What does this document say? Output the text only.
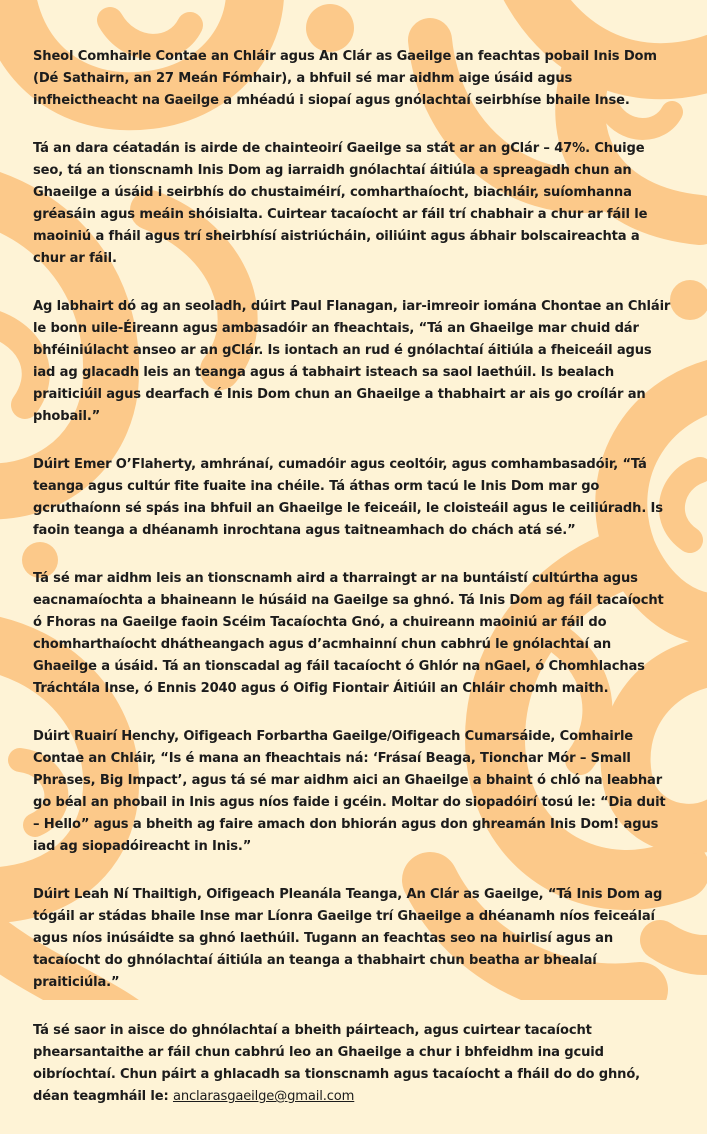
Sheol Comhairle Contae an Chláir agus An Clár as Gaeilge an feachtas pobail Inis Dom (Dé Sathairn, an 27 Meán Fómhair), a bhfuil sé mar aidhm aige úsáid agus infheictheacht na Gaeilge a mhéadú i siopaí agus gnólachtaí seirbhíse bhaile Inse.

Tá an dara céatadán is airde de chainteoirí Gaeilge sa stát ar an gClár – 47%. Chuige seo, tá an tionscnamh Inis Dom ag iarraidh gnólachtaí áitiúla a spreagadh chun an Ghaeilge a úsáid i seirbhís do chustaiméirí, comharthaíocht, biachláir, suíomhanna gréasáin agus meáin shóisialta. Cuirtear tacaíocht ar fáil trí chabhair a chur ar fáil le maoiniú a fháil agus trí sheirbhísí aistriúcháin, oiliúint agus ábhair bolscaireachta a chur ar fáil.

Ag labhairt dó ag an seoladh, dúirt Paul Flanagan, iar-imreoir iomána Chontae an Chláir le bonn uile-Éireann agus ambasadóir an fheachtais, “Tá an Ghaeilge mar chuid dár bhféiniúlacht anseo ar an gClár. Is iontach an rud é gnólachtaí áitiúla a fheiceáil agus iad ag glacadh leis an teanga agus á tabhairt isteach sa saol laethúil. Is bealach praiticiúil agus dearfach é Inis Dom chun an Ghaeilge a thabhairt ar ais go croílár an phobail.”

Dúirt Emer O’Flaherty, amhránaí, cumadóir agus ceoltóir, agus comhambasadóir, “Tá teanga agus cultúr fite fuaite ina chéile. Tá áthas orm tacú le Inis Dom mar go gcruthaíonn sé spás ina bhfuil an Ghaeilge le feiceáil, le cloisteáil agus le ceiliúradh. Is faoin teanga a dhéanamh inrochtana agus taitneamhach do chách atá sé.”

Tá sé mar aidhm leis an tionscnamh aird a tharraingt ar na buntáistí cultúrtha agus eacnamaíochta a bhaineann le húsáid na Gaeilge sa ghnó. Tá Inis Dom ag fáil tacaíocht ó Fhoras na Gaeilge faoin Scéim Tacaíochta Gnó, a chuireann maoiniú ar fáil do chomharthaíocht dhátheangach agus d’acmhainní chun cabhrú le gnólachtaí an Ghaeilge a úsáid. Tá an tionscadal ag fáil tacaíocht ó Ghlór na nGael, ó Chomhlachas Tráchtála Inse, ó Ennis 2040 agus ó Oifig Fiontair Áitiúil an Chláir chomh maith.

Dúirt Ruairí Henchy, Oifigeach Forbartha Gaeilge/Oifigeach Cumarsáide, Comhairle Contae an Chláir, “Is é mana an fheachtais ná: ‘Frásaí Beaga, Tionchar Mór – Small Phrases, Big Impact’, agus tá sé mar aidhm aici an Ghaeilge a bhaint ó chló na leabhar go béal an phobail in Inis agus níos faide i gcéin. Moltar do siopadóirí tosú le: “Dia duit – Hello” agus a bheith ag faire amach don bhiorán agus don ghreamán Inis Dom! agus iad ag siopadóireacht in Inis.”

Dúirt Leah Ní Thailtigh, Oifigeach Pleanála Teanga, An Clár as Gaeilge, “Tá Inis Dom ag tógáil ar stádas bhaile Inse mar Líonra Gaeilge trí Ghaeilge a dhéanamh níos feiceálaí agus níos inúsáidte sa ghnó laethúil. Tugann an feachtas seo na huirlisí agus an tacaíocht do ghnólachtaí áitiúla an teanga a thabhairt chun beatha ar bhealaí praiticiúla.”

Tá sé saor in aisce do ghnólachtaí a bheith páirteach, agus cuirtear tacaíocht phearsantaithe ar fáil chun cabhrú leo an Ghaeilge a chur i bhfeidhm ina gcuid oibríochtaí. Chun páirt a ghlacadh sa tionscnamh agus tacaíocht a fháil do do ghnó, déan teagmháil le: anclarasgaeilge@gmail.com
